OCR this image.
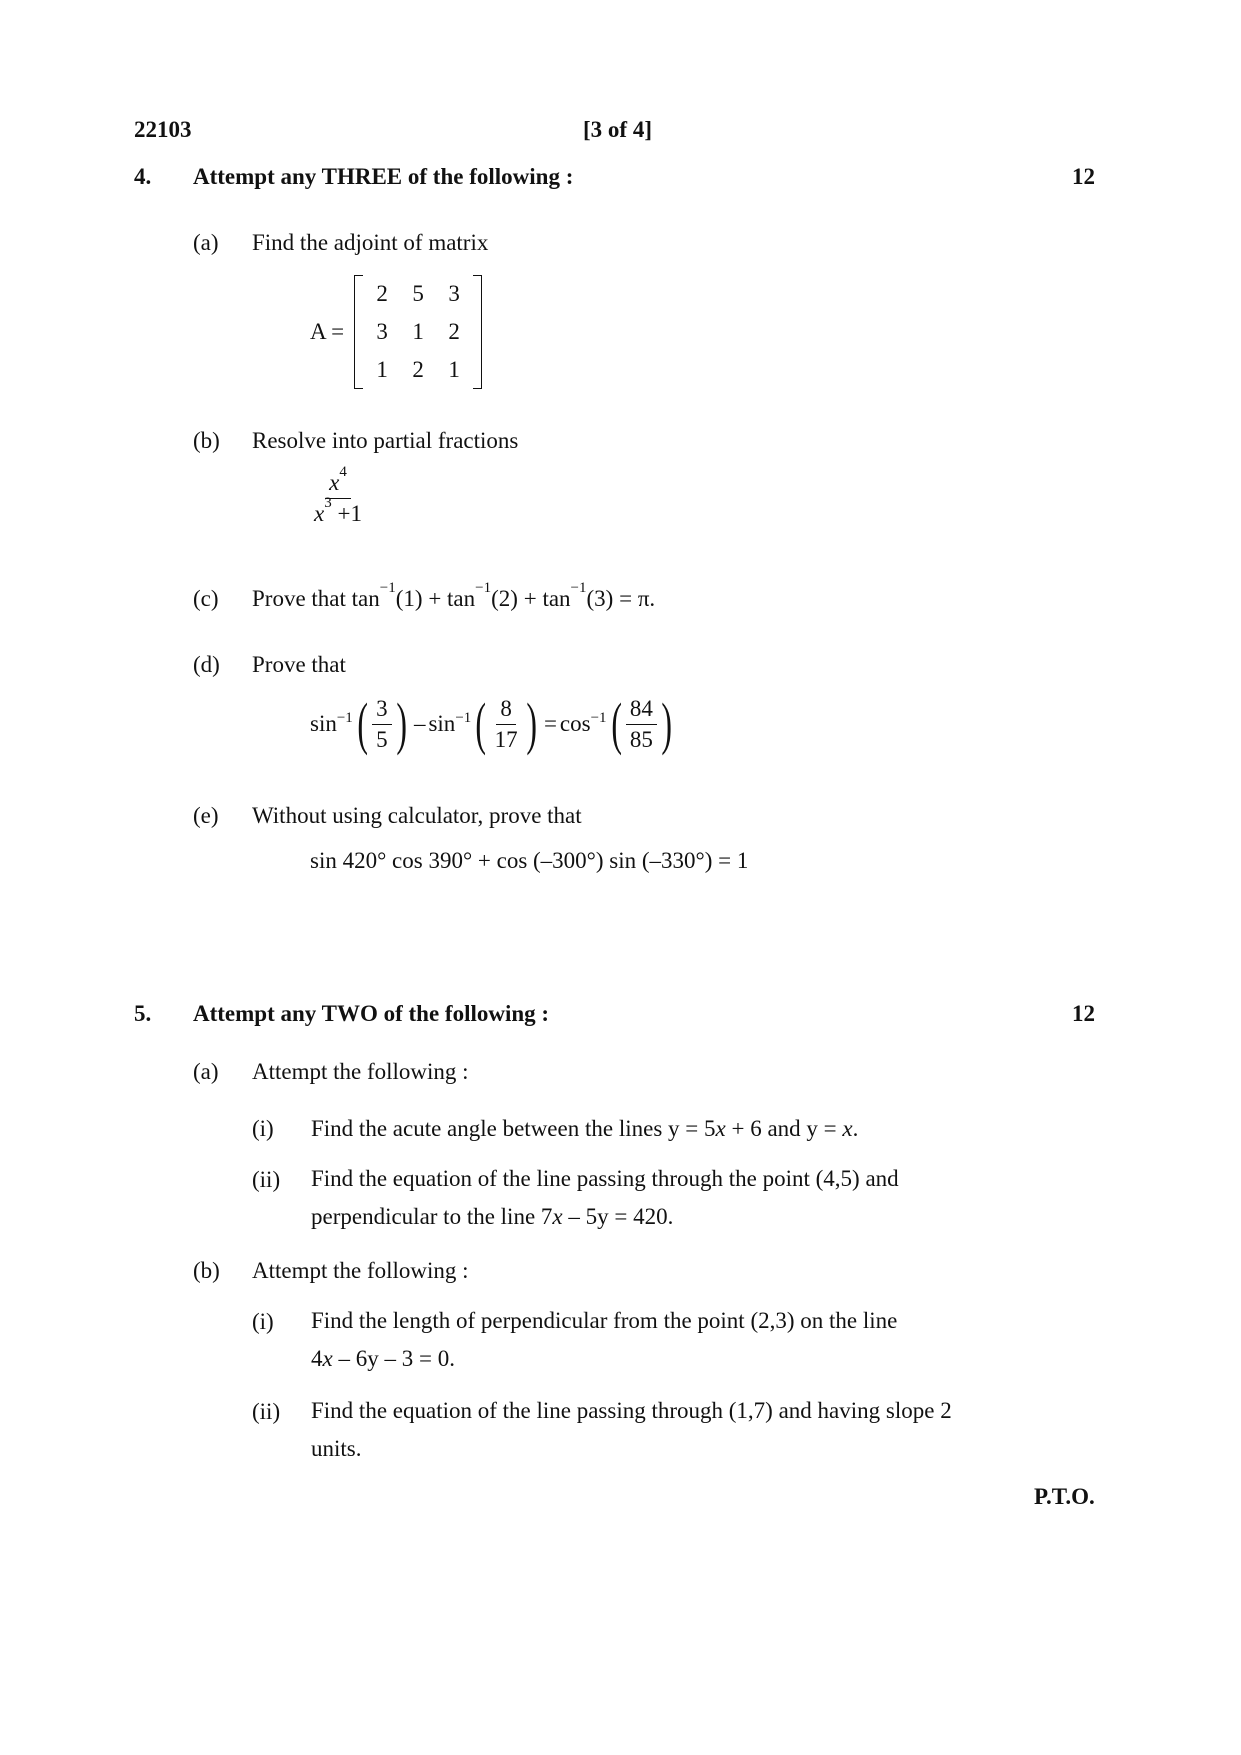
22103	[3 of 4]
4. Attempt any THREE of the following :	12
(a) Find the adjoint of matrix
A =
2	5	3
3	1	2
1	2	1
(b) Resolve into partial fractions
$\frac{x^4}{x^3 +1}$
(c) Prove that $\tan^{-1}(1) + \tan^{-1}(2) + \tan^{-1}(3) = \pi$.
(d) Prove that
$\sin^{-1}$ ( $\frac{3}{5}$ ) – $\sin^{-1}$ ( $\frac{8}{17}$ ) = $\cos^{-1}$ ( $\frac{84}{85}$ )
(e) Without using calculator, prove that
sin 420° cos 390° + cos (–300°) sin (–330°) = 1
5. Attempt any TWO of the following :	12
(a) Attempt the following :
(i) Find the acute angle between the lines y = 5x + 6 and y = x.
(ii) Find the equation of the line passing through the point (4,5) and
perpendicular to the line 7x – 5y = 420.
(b) Attempt the following :
(i) Find the length of perpendicular from the point (2,3) on the line
4x – 6y – 3 = 0.
(ii) Find the equation of the line passing through (1,7) and having slope 2
units.
P.T.O.
